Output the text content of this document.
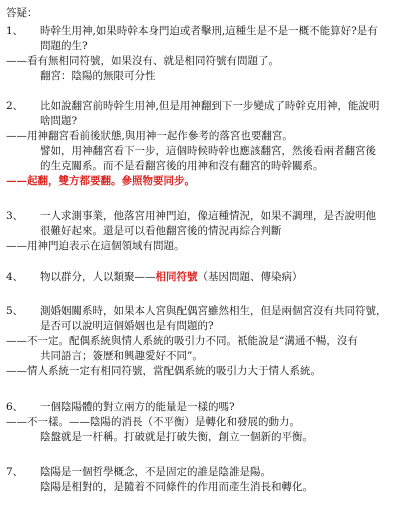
答疑：
1、	時幹生用神,如果時幹本身門迫或者擊刑,這種生是不是一概不能算好?是有
問題的生?
——看有無相同符號，如果沒有、就是相同符號有問題了。
翻宮：陰陽的無限可分性
2、	比如說翻宮前時幹生用神,但是用神翻到下一步變成了時幹克用神，能說明
啥問題?
——用神翻宮看前後狀態,與用神一起作參考的落宮也要翻宮。
譬如，用神翻宮看下一步，這個時候時幹也應該翻宮，然後看兩者翻宮後
的生克關系。而不是看翻宮後的用神和沒有翻宮的時幹關系。
——起翻，雙方都要翻。參照物要同步。
3、	一人求測事業，他落宮用神門迫，像這種情況，如果不調理，是否說明他
很難好起來。還是可以看他翻宮後的情況再綜合判斷
——用神門迫表示在這個領域有問題。
4、	物以群分，人以類聚——相同符號（基因問題、傳染病）
5、	測婚姻關系時，如果本人宮與配偶宮雖然相生，但是兩個宮沒有共同符號，
是否可以說明這個婚姻也是有問題的?
——不一定。配偶系統與情人系統的吸引力不同。祇能說是“溝通不暢，沒有
共同語言；簽歷和興趣愛好不同”。
——情人系統一定有相同符號，當配偶系統的吸引力大于情人系統。
6、	一個陰陽體的對立兩方的能量是一樣的嗎?
——不一樣。——陰陽的消長（不平衡）是轉化和發展的動力。
陰盤就是一杆稱。打破就是打破失衡，創立一個新的平衡。
7、	陰陽是一個哲學概念，不是固定的誰是陰誰是陽。
陰陽是相對的，是隨着不同條件的作用而產生消長和轉化。
